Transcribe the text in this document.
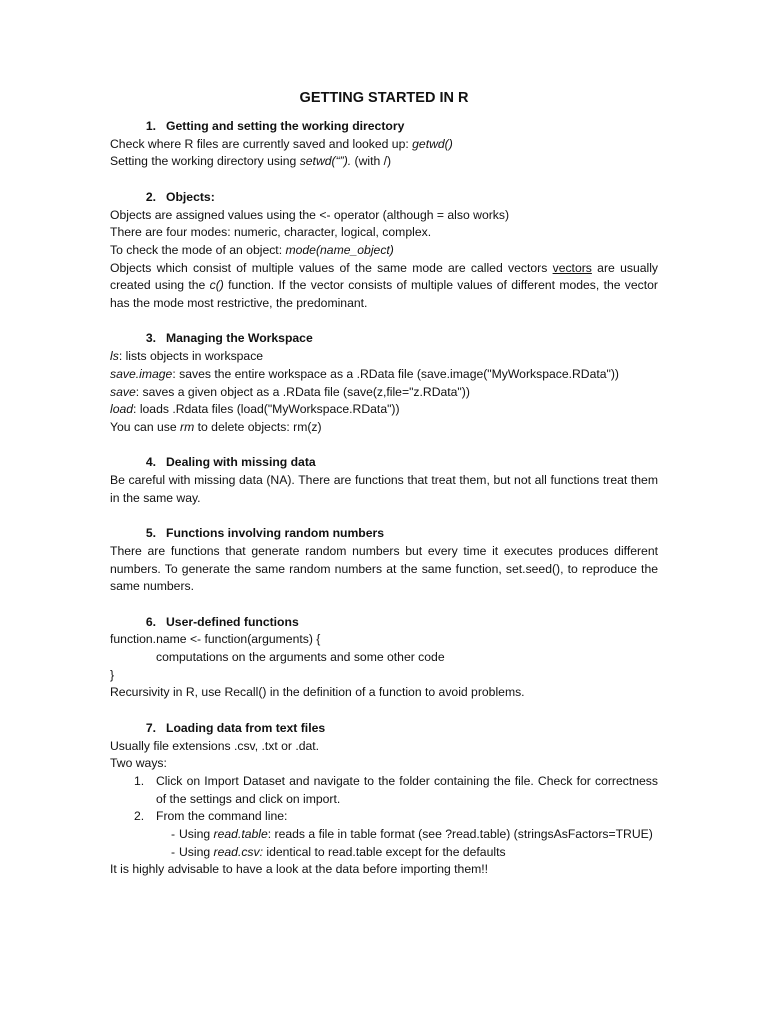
GETTING STARTED IN R
1. Getting and setting the working directory

Check where R files are currently saved and looked up: getwd()

Setting the working directory using setwd(“”). (with /)

2. Objects:

Objects are assigned values using the <- operator (although = also works)

There are four modes: numeric, character, logical, complex.

To check the mode of an object: mode(name_object)

Objects which consist of multiple values of the same mode are called vectors vectors are usually created using the c() function. If the vector consists of multiple values of different modes, the vector has the mode most restrictive, the predominant.

3. Managing the Workspace

ls: lists objects in workspace

save.image: saves the entire workspace as a .RData file (save.image("MyWorkspace.RData"))

save: saves a given object as a .RData file (save(z,file="z.RData"))

load: loads .Rdata files (load("MyWorkspace.RData"))

You can use rm to delete objects: rm(z)

4. Dealing with missing data

Be careful with missing data (NA). There are functions that treat them, but not all functions treat them in the same way.

5. Functions involving random numbers

There are functions that generate random numbers but every time it executes produces different numbers. To generate the same random numbers at the same function, set.seed(), to reproduce the same numbers.

6. User-defined functions

function.name <- function(arguments) {

computations on the arguments and some other code

}

Recursivity in R, use Recall() in the definition of a function to avoid problems.

7. Loading data from text files

Usually file extensions .csv, .txt or .dat.

Two ways:

1. Click on Import Dataset and navigate to the folder containing the file. Check for correctness of the settings and click on import.
2. From the command line:
- Using read.table: reads a file in table format (see ?read.table) (stringsAsFactors=TRUE)
- Using read.csv: identical to read.table except for the defaults

It is highly advisable to have a look at the data before importing them!!
